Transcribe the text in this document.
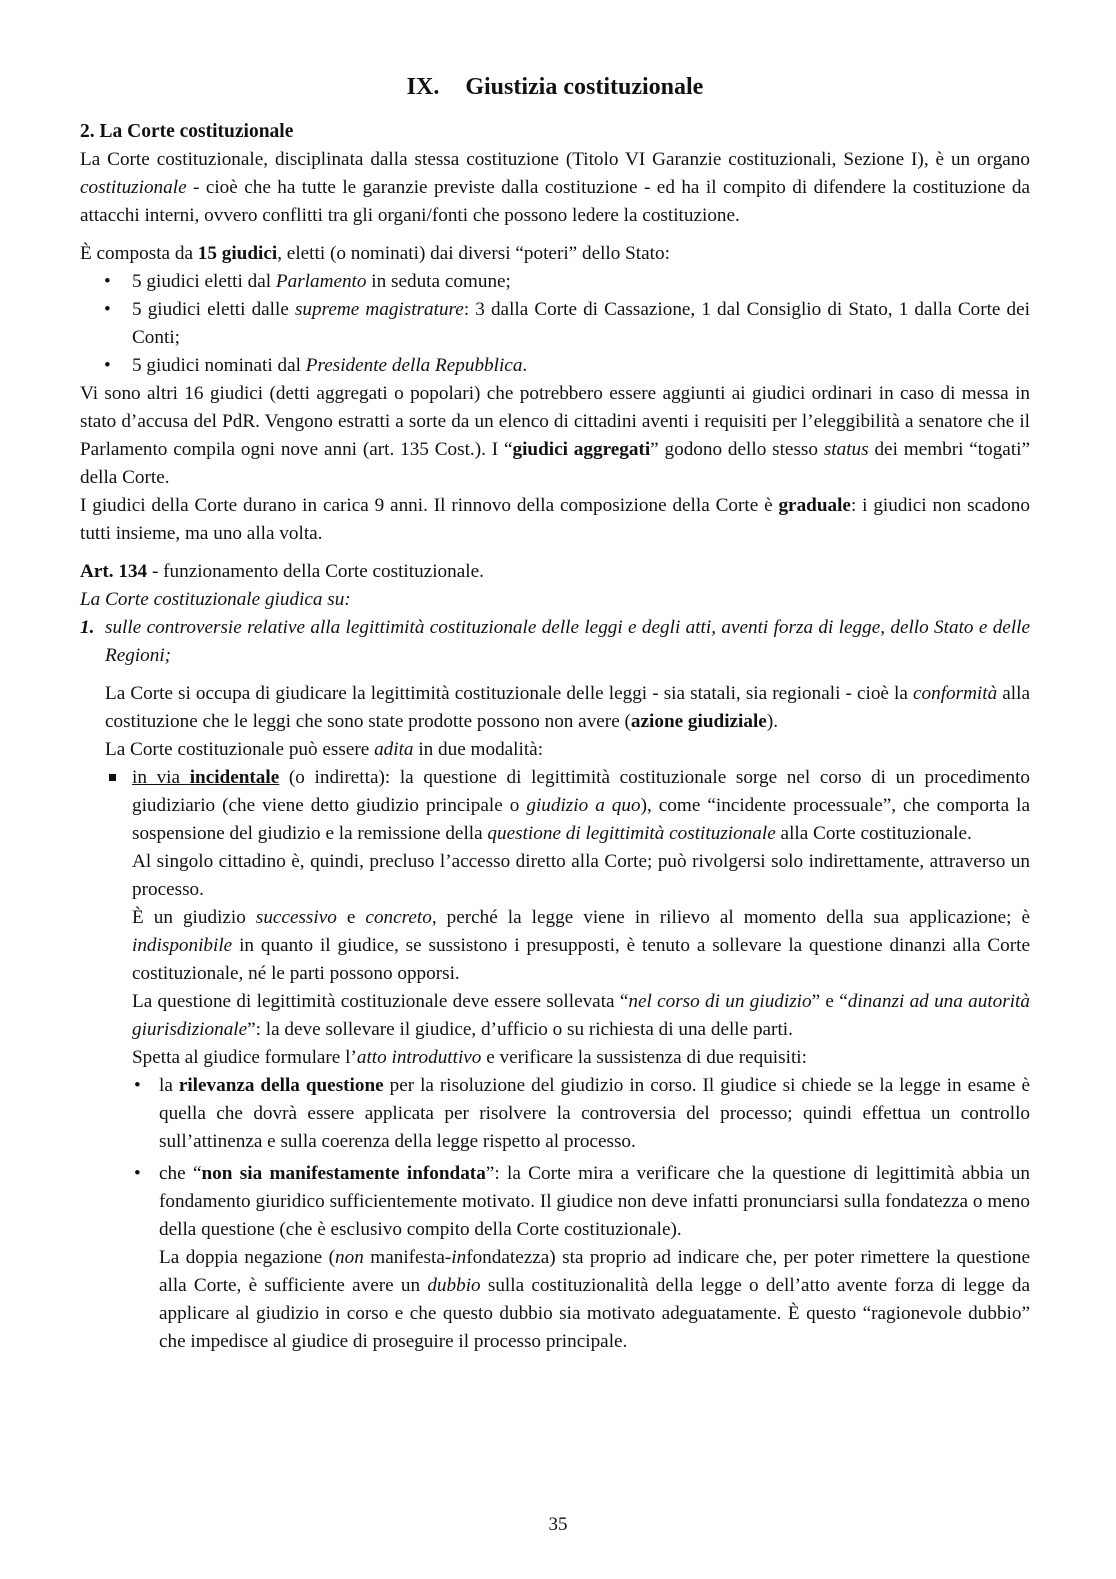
IX. Giustizia costituzionale
2. La Corte costituzionale

La Corte costituzionale, disciplinata dalla stessa costituzione (Titolo VI Garanzie costituzionali, Sezione I), è un organo costituzionale - cioè che ha tutte le garanzie previste dalla costituzione - ed ha il compito di difendere la costituzione da attacchi interni, ovvero conflitti tra gli organi/fonti che possono ledere la costituzione.

È composta da 15 giudici, eletti (o nominati) dai diversi “poteri” dello Stato:

• 5 giudici eletti dal Parlamento in seduta comune;
• 5 giudici eletti dalle supreme magistrature: 3 dalla Corte di Cassazione, 1 dal Consiglio di Stato, 1 dalla Corte dei Conti;
• 5 giudici nominati dal Presidente della Repubblica.

Vi sono altri 16 giudici (detti aggregati o popolari) che potrebbero essere aggiunti ai giudici ordinari in caso di messa in stato d’accusa del PdR. Vengono estratti a sorte da un elenco di cittadini aventi i requisiti per l’eleggibilità a senatore che il Parlamento compila ogni nove anni (art. 135 Cost.). I “giudici aggregati” godono dello stesso status dei membri “togati” della Corte.

I giudici della Corte durano in carica 9 anni. Il rinnovo della composizione della Corte è graduale: i giudici non scadono tutti insieme, ma uno alla volta.

Art. 134 - funzionamento della Corte costituzionale.

La Corte costituzionale giudica su:

1. sulle controversie relative alla legittimità costituzionale delle leggi e degli atti, aventi forza di legge, dello Stato e delle Regioni;

La Corte si occupa di giudicare la legittimità costituzionale delle leggi - sia statali, sia regionali - cioè la conformità alla costituzione che le leggi che sono state prodotte possono non avere (azione giudiziale).

La Corte costituzionale può essere adita in due modalità:

in via incidentale (o indiretta): la questione di legittimità costituzionale sorge nel corso di un procedimento giudiziario (che viene detto giudizio principale o giudizio a quo), come “incidente processuale”, che comporta la sospensione del giudizio e la remissione della questione di legittimità costituzionale alla Corte costituzionale.

Al singolo cittadino è, quindi, precluso l’accesso diretto alla Corte; può rivolgersi solo indirettamente, attraverso un processo.

È un giudizio successivo e concreto, perché la legge viene in rilievo al momento della sua applicazione; è indisponibile in quanto il giudice, se sussistono i presupposti, è tenuto a sollevare la questione dinanzi alla Corte costituzionale, né le parti possono opporsi.

La questione di legittimità costituzionale deve essere sollevata “nel corso di un giudizio” e “dinanzi ad una autorità giurisdizionale”: la deve sollevare il giudice, d’ufficio o su richiesta di una delle parti.

Spetta al giudice formulare l’atto introduttivo e verificare la sussistenza di due requisiti:

• la rilevanza della questione per la risoluzione del giudizio in corso. Il giudice si chiede se la legge in esame è quella che dovrà essere applicata per risolvere la controversia del processo; quindi effettua un controllo sull’attinenza e sulla coerenza della legge rispetto al processo.

• che “non sia manifestamente infondata”: la Corte mira a verificare che la questione di legittimità abbia un fondamento giuridico sufficientemente motivato. Il giudice non deve infatti pronunciarsi sulla fondatezza o meno della questione (che è esclusivo compito della Corte costituzionale).

La doppia negazione (non manifesta-infondatezza) sta proprio ad indicare che, per poter rimettere la questione alla Corte, è sufficiente avere un dubbio sulla costituzionalità della legge o dell’atto avente forza di legge da applicare al giudizio in corso e che questo dubbio sia motivato adeguatamente. È questo “ragionevole dubbio” che impedisce al giudice di proseguire il processo principale.

35
